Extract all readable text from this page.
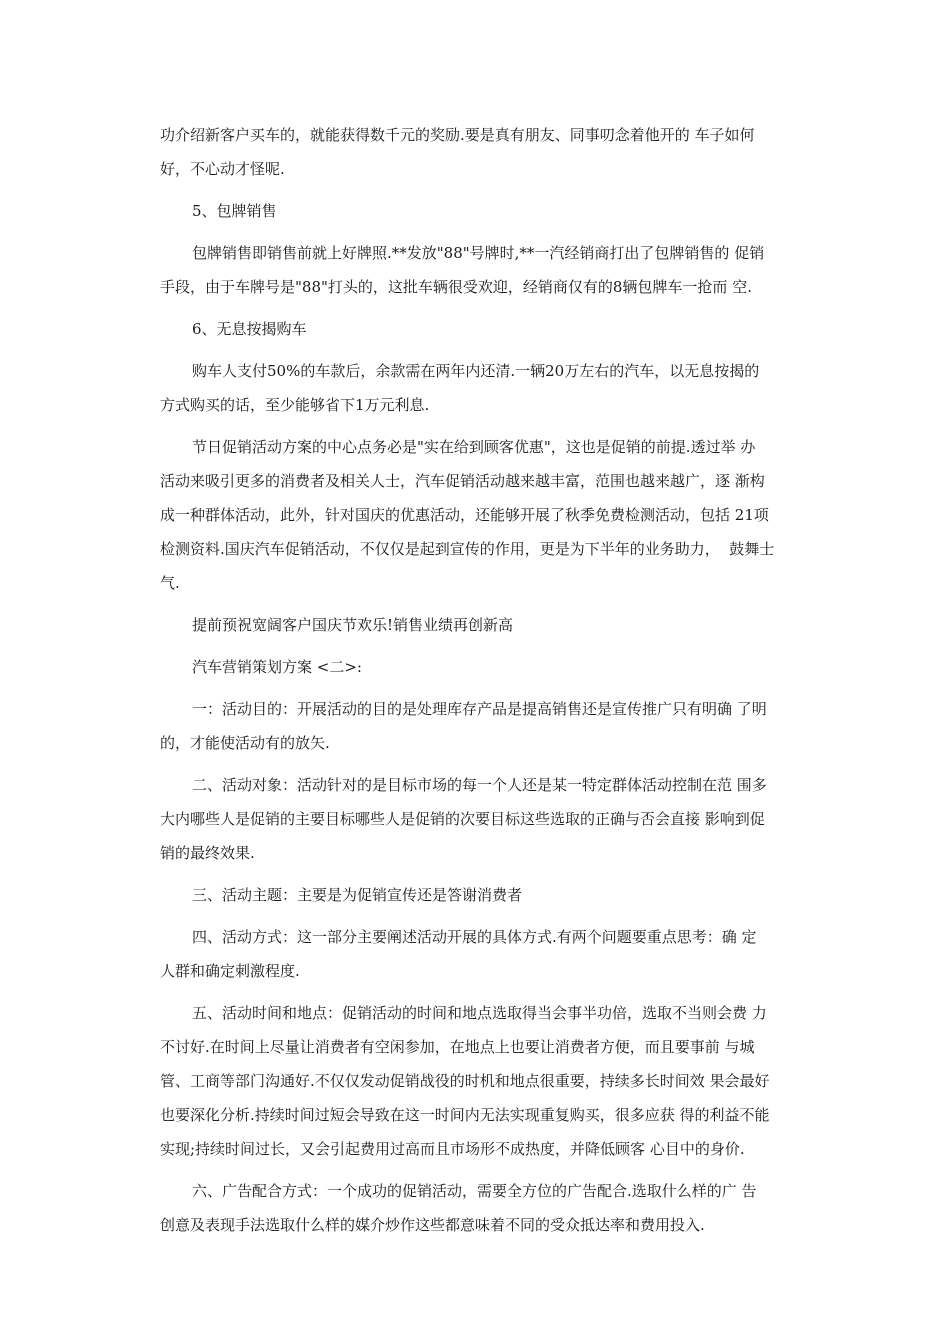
功介绍新客户买车的，就能获得数千元的奖励.要是真有朋友、同事叨念着他开的 车子如何
好，不心动才怪呢.
5、包牌销售
包牌销售即销售前就上好牌照.**发放"88"号牌时,**一汽经销商打出了包牌销售的 促销
手段，由于车牌号是"88"打头的，这批车辆很受欢迎，经销商仅有的8辆包牌车一抢而 空.
6、无息按揭购车
购车人支付50%的车款后，余款需在两年内还清.一辆20万左右的汽车，以无息按揭的
方式购买的话，至少能够省下1万元利息.
节日促销活动方案的中心点务必是"实在给到顾客优惠"，这也是促销的前提.透过举 办
活动来吸引更多的消费者及相关人士，汽车促销活动越来越丰富，范围也越来越广，逐 渐构
成一种群体活动，此外，针对国庆的优惠活动，还能够开展了秋季免费检测活动，包括 21项
检测资料.国庆汽车促销活动，不仅仅是起到宣传的作用，更是为下半年的业务助力，  鼓舞士
气.
提前预祝宽阔客户国庆节欢乐!销售业绩再创新高
汽车营销策划方案 <二>:
一：活动目的：开展活动的目的是处理库存产品是提高销售还是宣传推广只有明确 了明
的，才能使活动有的放矢.
二、活动对象：活动针对的是目标市场的每一个人还是某一特定群体活动控制在范 围多
大内哪些人是促销的主要目标哪些人是促销的次要目标这些选取的正确与否会直接 影响到促
销的最终效果.
三、活动主题：主要是为促销宣传还是答谢消费者
四、活动方式：这一部分主要阐述活动开展的具体方式.有两个问题要重点思考：确 定
人群和确定刺激程度.
五、活动时间和地点：促销活动的时间和地点选取得当会事半功倍，选取不当则会费 力
不讨好.在时间上尽量让消费者有空闲参加，在地点上也要让消费者方便，而且要事前 与城
管、工商等部门沟通好.不仅仅发动促销战役的时机和地点很重要，持续多长时间效 果会最好
也要深化分析.持续时间过短会导致在这一时间内无法实现重复购买，很多应获 得的利益不能
实现;持续时间过长，又会引起费用过高而且市场形不成热度，并降低顾客 心目中的身价.
六、广告配合方式：一个成功的促销活动，需要全方位的广告配合.选取什么样的广 告
创意及表现手法选取什么样的媒介炒作这些都意味着不同的受众抵达率和费用投入.
